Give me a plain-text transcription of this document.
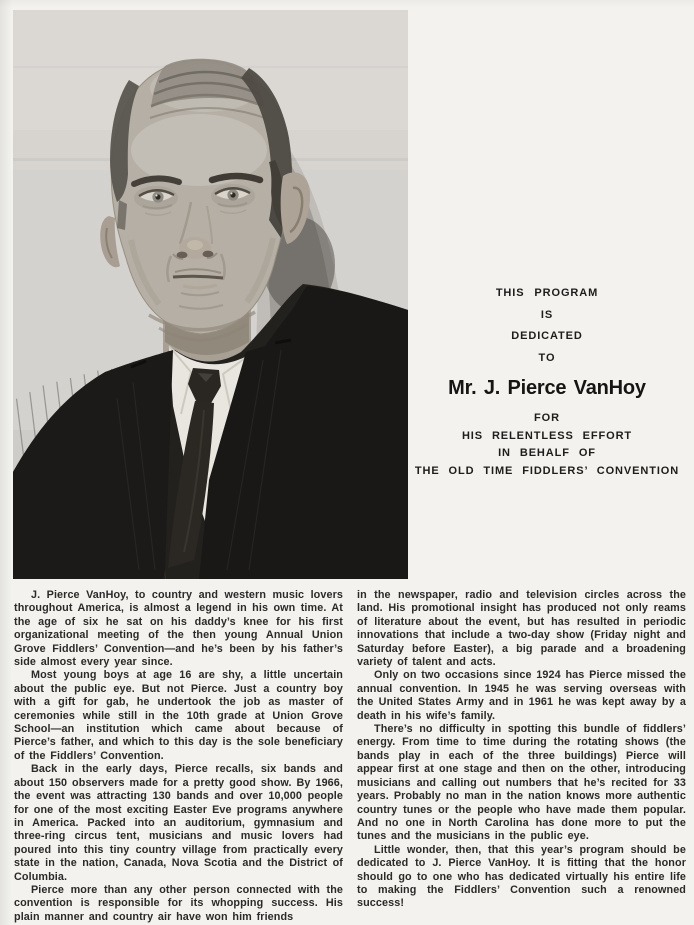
THIS PROGRAM

IS

DEDICATED

TO

Mr. J. Pierce VanHoy

FOR

HIS RELENTLESS EFFORT

IN BEHALF OF

THE OLD TIME FIDDLERS’ CONVENTION

J. Pierce VanHoy, to country and western music lovers throughout America, is almost a legend in his own time. At the age of six he sat on his daddy’s knee for his first organizational meeting of the then young Annual Union Grove Fiddlers’ Convention—and he’s been by his father’s side almost every year since.

Most young boys at age 16 are shy, a little uncertain about the public eye. But not Pierce. Just a country boy with a gift for gab, he undertook the job as master of ceremonies while still in the 10th grade at Union Grove School—an institution which came about because of Pierce’s father, and which to this day is the sole beneficiary of the Fiddlers’ Convention.

Back in the early days, Pierce recalls, six bands and about 150 observers made for a pretty good show. By 1966, the event was attracting 130 bands and over 10,000 people for one of the most exciting Easter Eve programs anywhere in America. Packed into an auditorium, gymnasium and three-ring circus tent, musicians and music lovers had poured into this tiny country village from practically every state in the nation, Canada, Nova Scotia and the District of Columbia.

Pierce more than any other person connected with the convention is responsible for its whopping success. His plain manner and country air have won him friends

in the newspaper, radio and television circles across the land. His promotional insight has produced not only reams of literature about the event, but has resulted in periodic innovations that include a two-day show (Friday night and Saturday before Easter), a big parade and a broadening variety of talent and acts.

Only on two occasions since 1924 has Pierce missed the annual convention. In 1945 he was serving overseas with the United States Army and in 1961 he was kept away by a death in his wife’s family.

There’s no difficulty in spotting this bundle of fiddlers’ energy. From time to time during the rotating shows (the bands play in each of the three buildings) Pierce will appear first at one stage and then on the other, introducing musicians and calling out numbers that he’s recited for 33 years. Probably no man in the nation knows more authentic country tunes or the people who have made them popular. And no one in North Carolina has done more to put the tunes and the musicians in the public eye.

Little wonder, then, that this year’s program should be dedicated to J. Pierce VanHoy. It is fitting that the honor should go to one who has dedicated virtually his entire life to making the Fiddlers’ Convention such a renowned success!
